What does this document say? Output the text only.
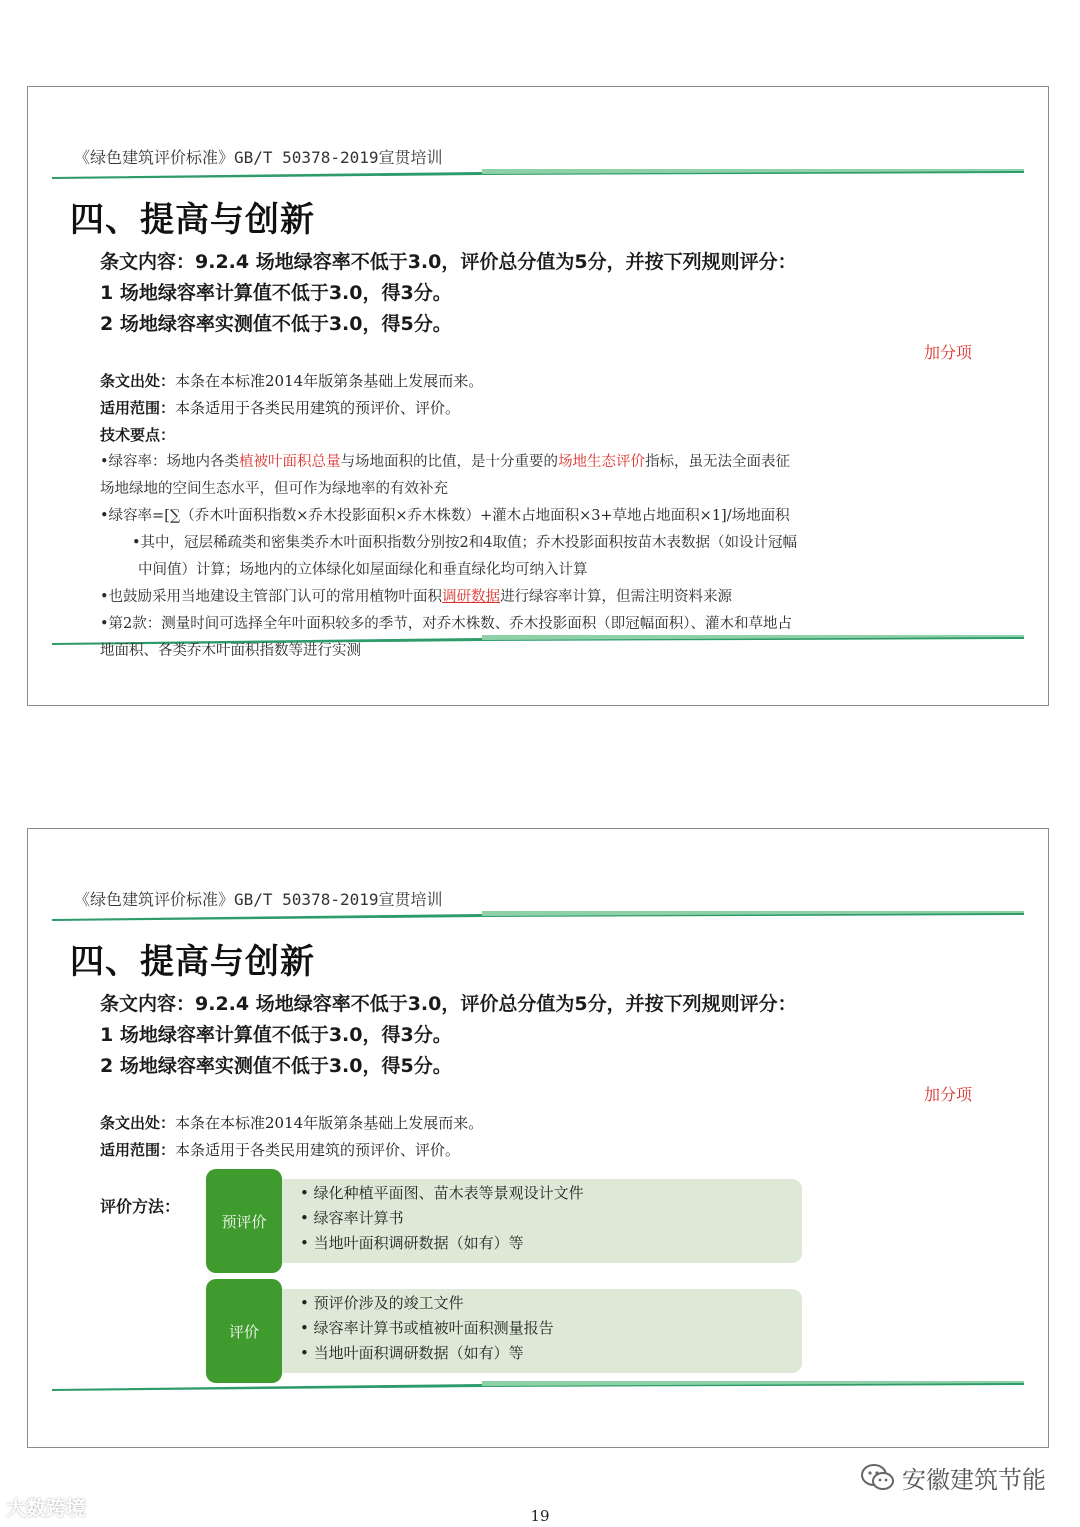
《绿色建筑评价标准》GB/T 50378-2019宣贯培训
四、提高与创新
条文内容：9.2.4 场地绿容率不低于3.0，评价总分值为5分，并按下列规则评分：
1 场地绿容率计算值不低于3.0，得3分。
2 场地绿容率实测值不低于3.0，得5分。
加分项
条文出处：本条在本标准2014年版第条基础上发展而来。
适用范围：本条适用于各类民用建筑的预评价、评价。
技术要点：
•绿容率：场地内各类植被叶面积总量与场地面积的比值，是十分重要的场地生态评价指标，虽无法全面表征
场地绿地的空间生态水平，但可作为绿地率的有效补充
•绿容率=[∑（乔木叶面积指数×乔木投影面积×乔木株数）+灌木占地面积×3+草地占地面积×1]/场地面积
•其中，冠层稀疏类和密集类乔木叶面积指数分别按2和4取值；乔木投影面积按苗木表数据（如设计冠幅
中间值）计算；场地内的立体绿化如屋面绿化和垂直绿化均可纳入计算
•也鼓励采用当地建设主管部门认可的常用植物叶面积调研数据进行绿容率计算，但需注明资料来源
•第2款：测量时间可选择全年叶面积较多的季节，对乔木株数、乔木投影面积（即冠幅面积）、灌木和草地占
地面积、各类乔木叶面积指数等进行实测
《绿色建筑评价标准》GB/T 50378-2019宣贯培训
四、提高与创新
条文内容：9.2.4 场地绿容率不低于3.0，评价总分值为5分，并按下列规则评分：
1 场地绿容率计算值不低于3.0，得3分。
2 场地绿容率实测值不低于3.0，得5分。
加分项
条文出处：本条在本标准2014年版第条基础上发展而来。
适用范围：本条适用于各类民用建筑的预评价、评价。
评价方法：
预评价
• 绿化种植平面图、苗木表等景观设计文件
• 绿容率计算书
• 当地叶面积调研数据（如有）等
评价
• 预评价涉及的竣工文件
• 绿容率计算书或植被叶面积测量报告
• 当地叶面积调研数据（如有）等
大数跨境
安徽建筑节能
19
